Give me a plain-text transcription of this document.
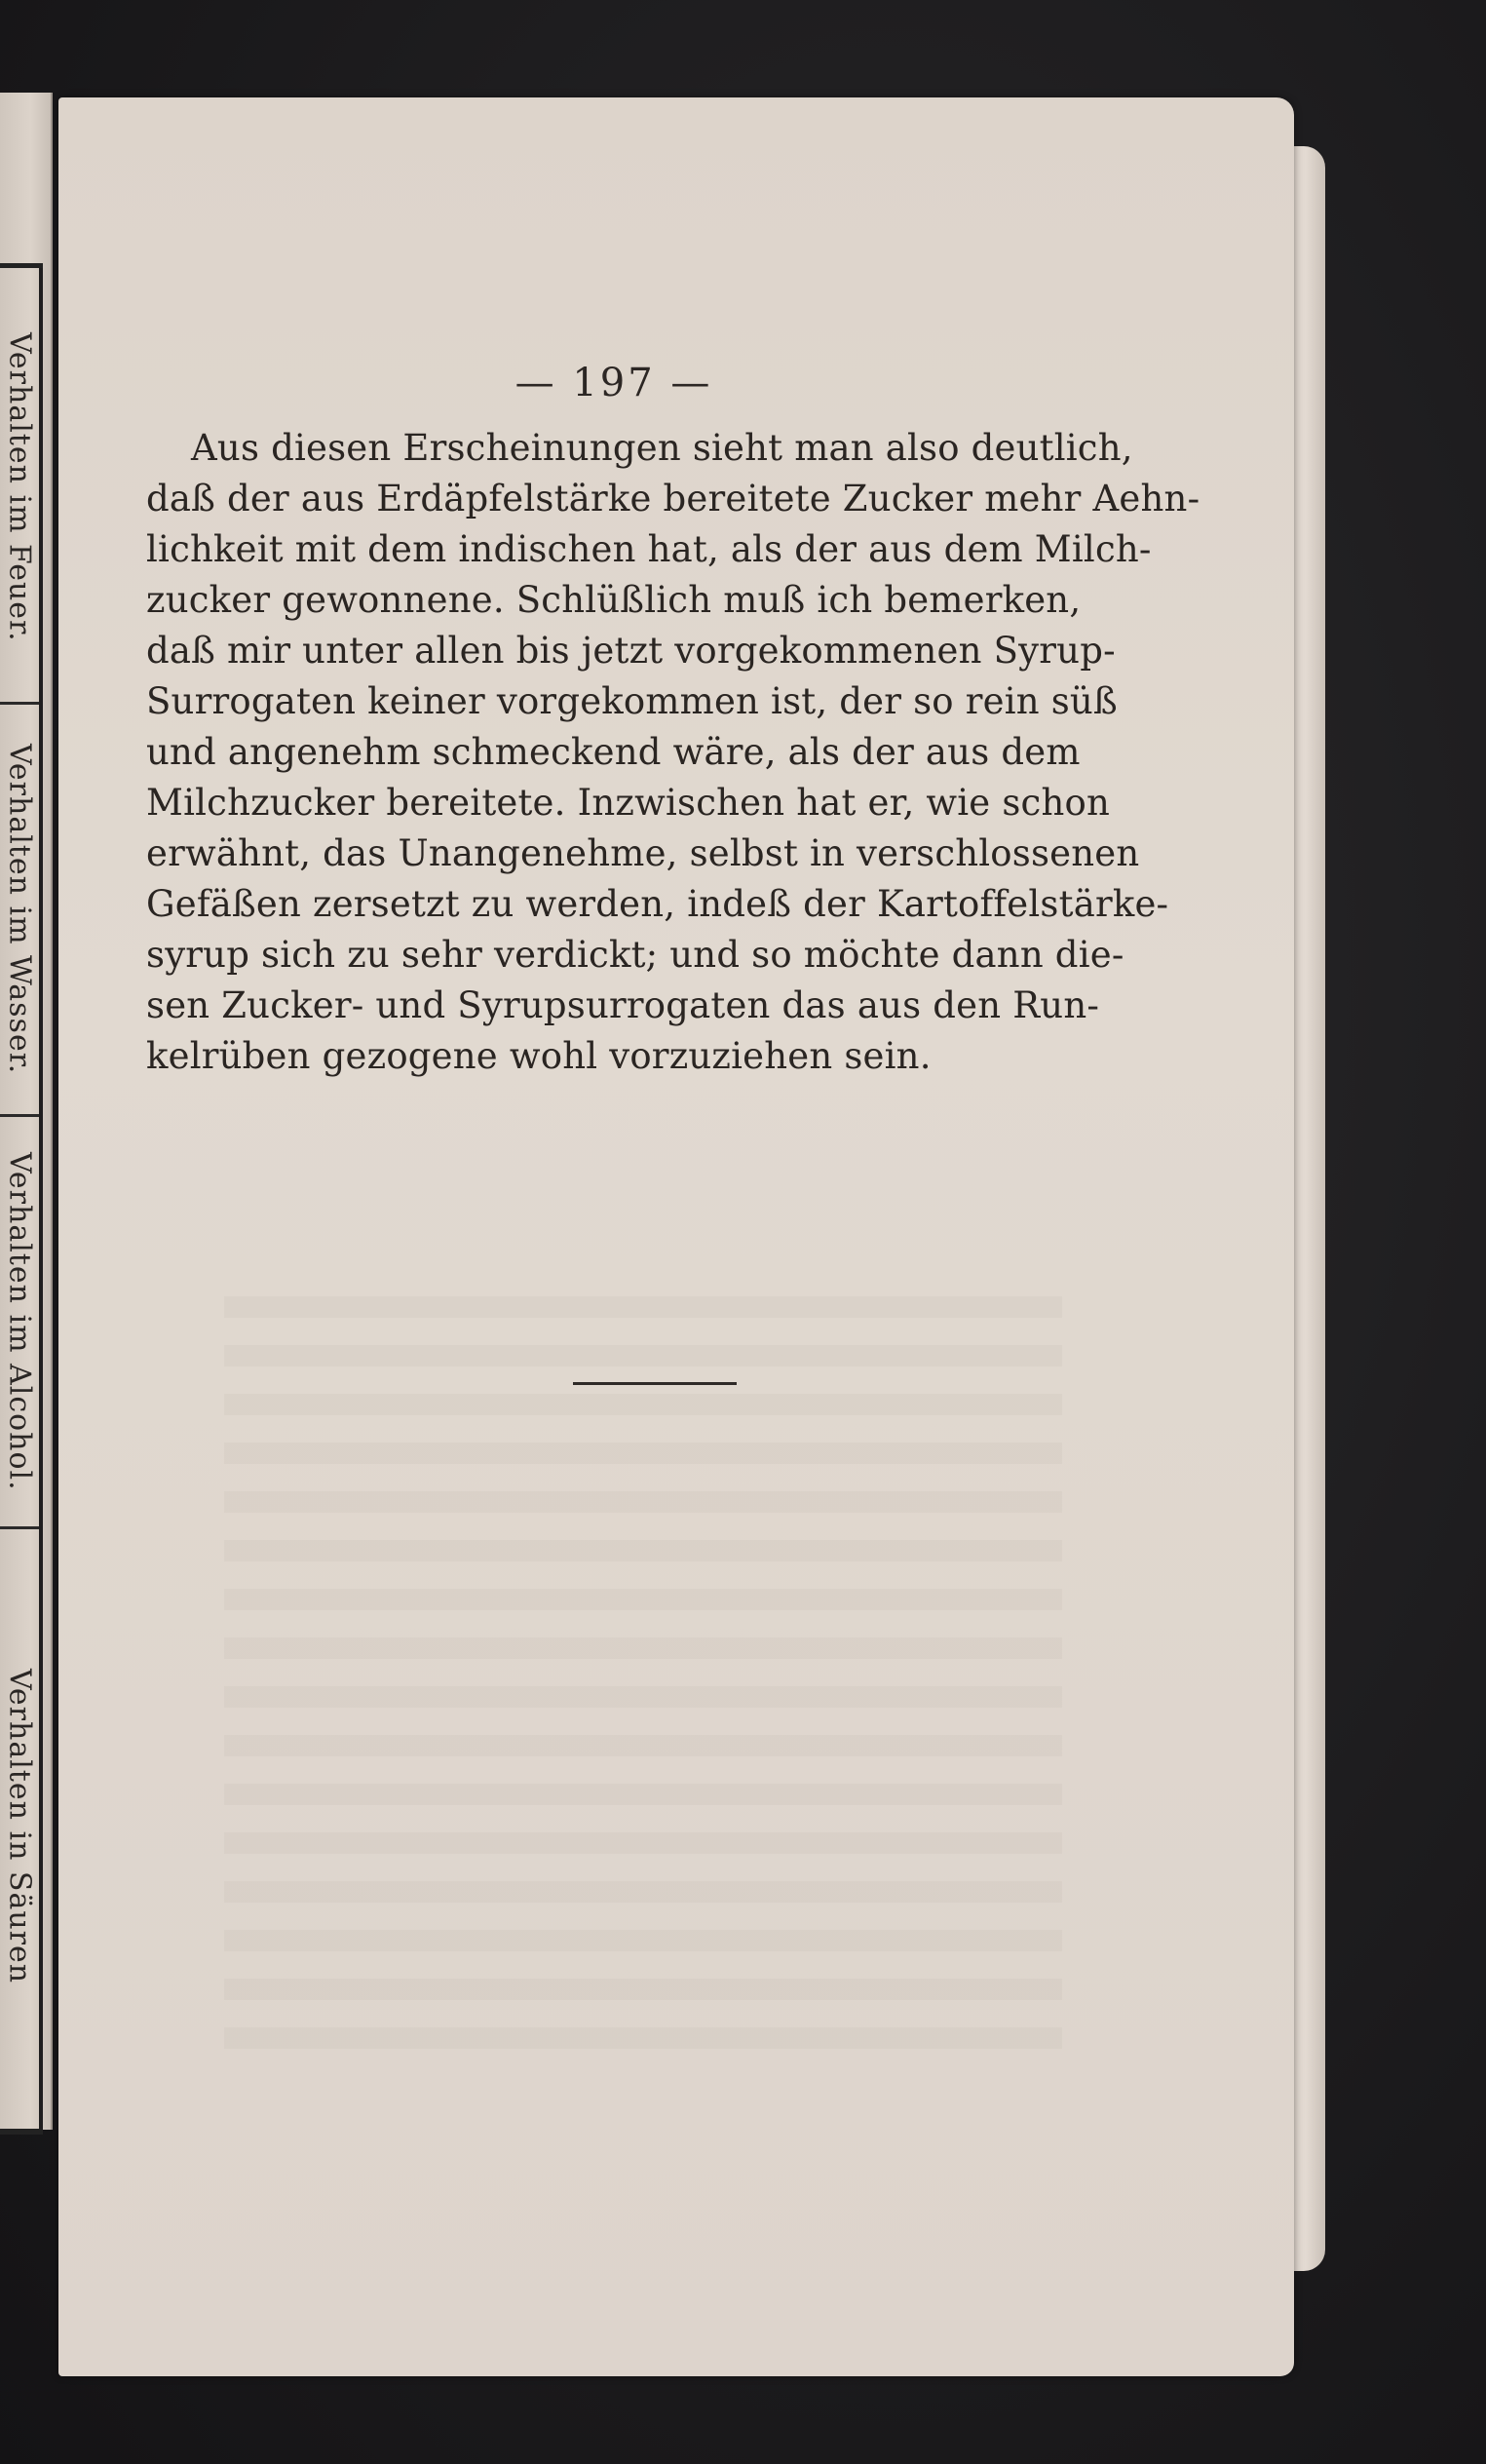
Verhalten im Feuer.
Verhalten im Wasser.
Verhalten im Alcohol.
Verhalten in Säuren
— 197 —

Aus diesen Erscheinungen sieht man also deutlich,

daß der aus Erdäpfelstärke bereitete Zucker mehr Aehn-

lichkeit mit dem indischen hat, als der aus dem Milch-

zucker gewonnene. Schlüßlich muß ich bemerken,

daß mir unter allen bis jetzt vorgekommenen Syrup-

Surrogaten keiner vorgekommen ist, der so rein süß

und angenehm schmeckend wäre, als der aus dem

Milchzucker bereitete. Inzwischen hat er, wie schon

erwähnt, das Unangenehme, selbst in verschlossenen

Gefäßen zersetzt zu werden, indeß der Kartoffelstärke-

syrup sich zu sehr verdickt; und so möchte dann die-

sen Zucker- und Syrupsurrogaten das aus den Run-

kelrüben gezogene wohl vorzuziehen sein.
